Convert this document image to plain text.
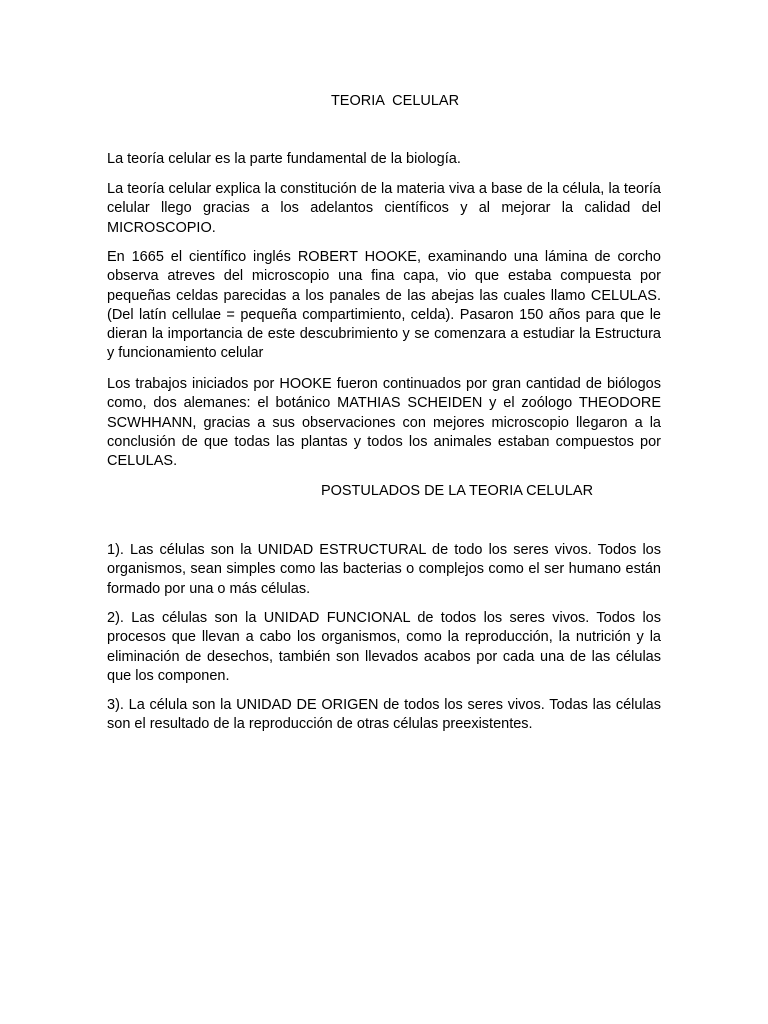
TEORIA  CELULAR

La teoría celular es la parte fundamental de la biología.

La teoría celular explica la constitución de la materia viva a base de la célula, la teoría celular llego gracias a los adelantos científicos y al mejorar la calidad del MICROSCOPIO.

En 1665 el científico inglés ROBERT HOOKE, examinando una lámina de corcho observa atreves del microscopio una fina capa, vio que estaba compuesta por pequeñas celdas parecidas a los panales de las abejas las cuales llamo CELULAS. (Del latín cellulae = pequeña compartimiento, celda). Pasaron 150 años para que le dieran la importancia de este descubrimiento y se comenzara a estudiar la Estructura y funcionamiento celular

Los trabajos iniciados por HOOKE fueron continuados por gran cantidad de biólogos como, dos alemanes: el botánico MATHIAS SCHEIDEN y el zoólogo THEODORE SCWHHANN, gracias a sus observaciones con mejores microscopio llegaron a la conclusión de que todas las plantas y todos los animales estaban compuestos por CELULAS.

POSTULADOS DE LA TEORIA CELULAR

1). Las células son la UNIDAD ESTRUCTURAL de todo los seres vivos. Todos los organismos, sean simples como las bacterias o complejos como el ser humano están formado por una o más células.

2). Las células son la UNIDAD FUNCIONAL de todos los seres vivos. Todos los procesos que llevan a cabo los organismos, como la reproducción, la nutrición y la eliminación de desechos, también son llevados acabos por cada una de las células que los componen.

3). La célula son la UNIDAD DE ORIGEN de todos los seres vivos. Todas las células son el resultado de la reproducción de otras células preexistentes.
